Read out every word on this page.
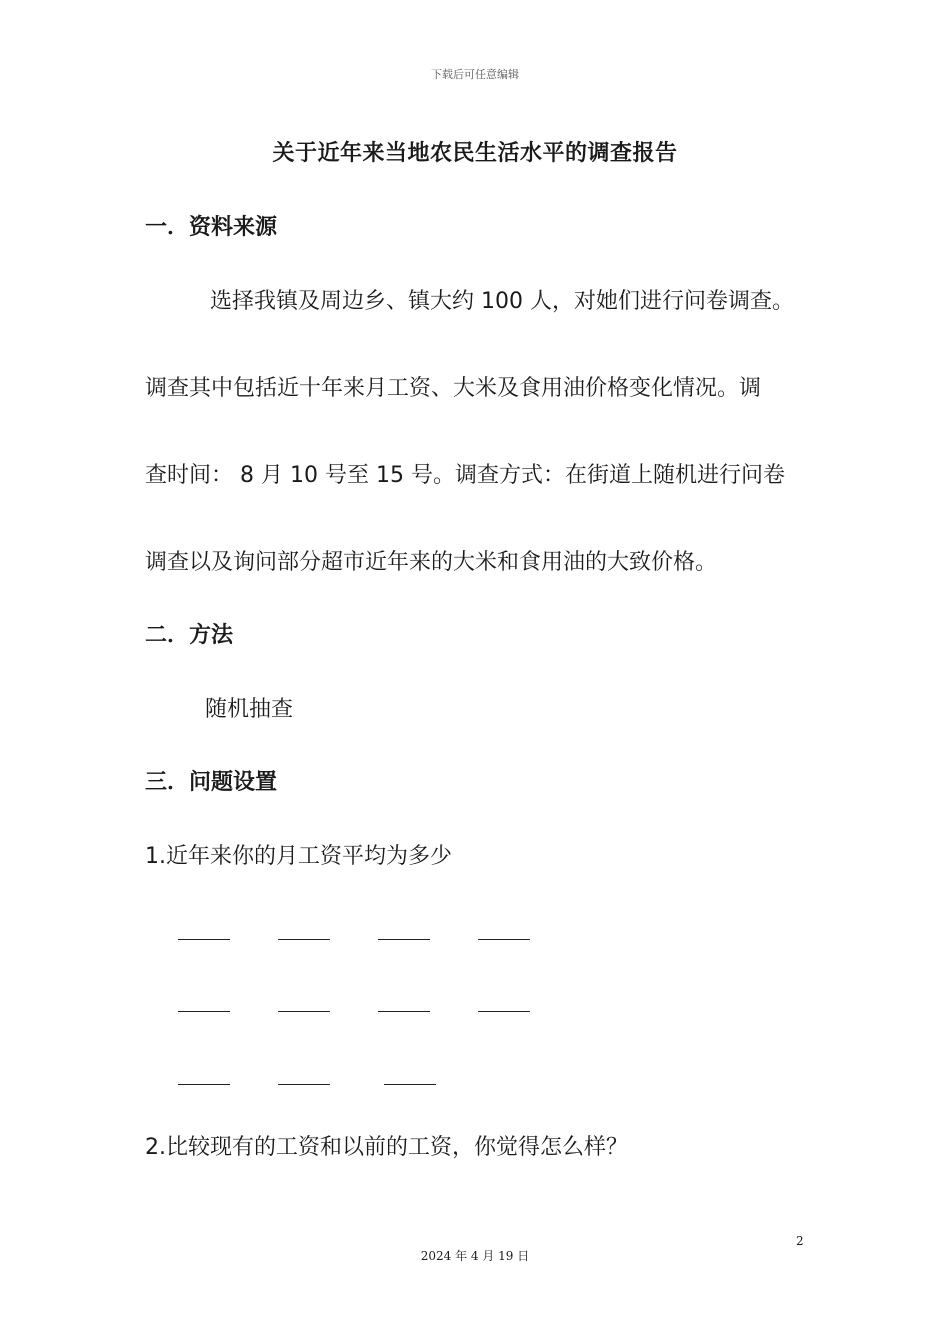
下载后可任意编辑
关于近年来当地农民生活水平的调查报告
一．资料来源
选择我镇及周边乡、镇大约 100 人，对她们进行问卷调查。
调查其中包括近十年来月工资、大米及食用油价格变化情况。调
查时间： 8 月 10 号至 15 号。调查方式：在街道上随机进行问卷
调查以及询问部分超市近年来的大米和食用油的大致价格。
二．方法
随机抽查
三．问题设置
1.近年来你的月工资平均为多少
2.比较现有的工资和以前的工资，你觉得怎么样？
2
2024 年 4 月 19 日
